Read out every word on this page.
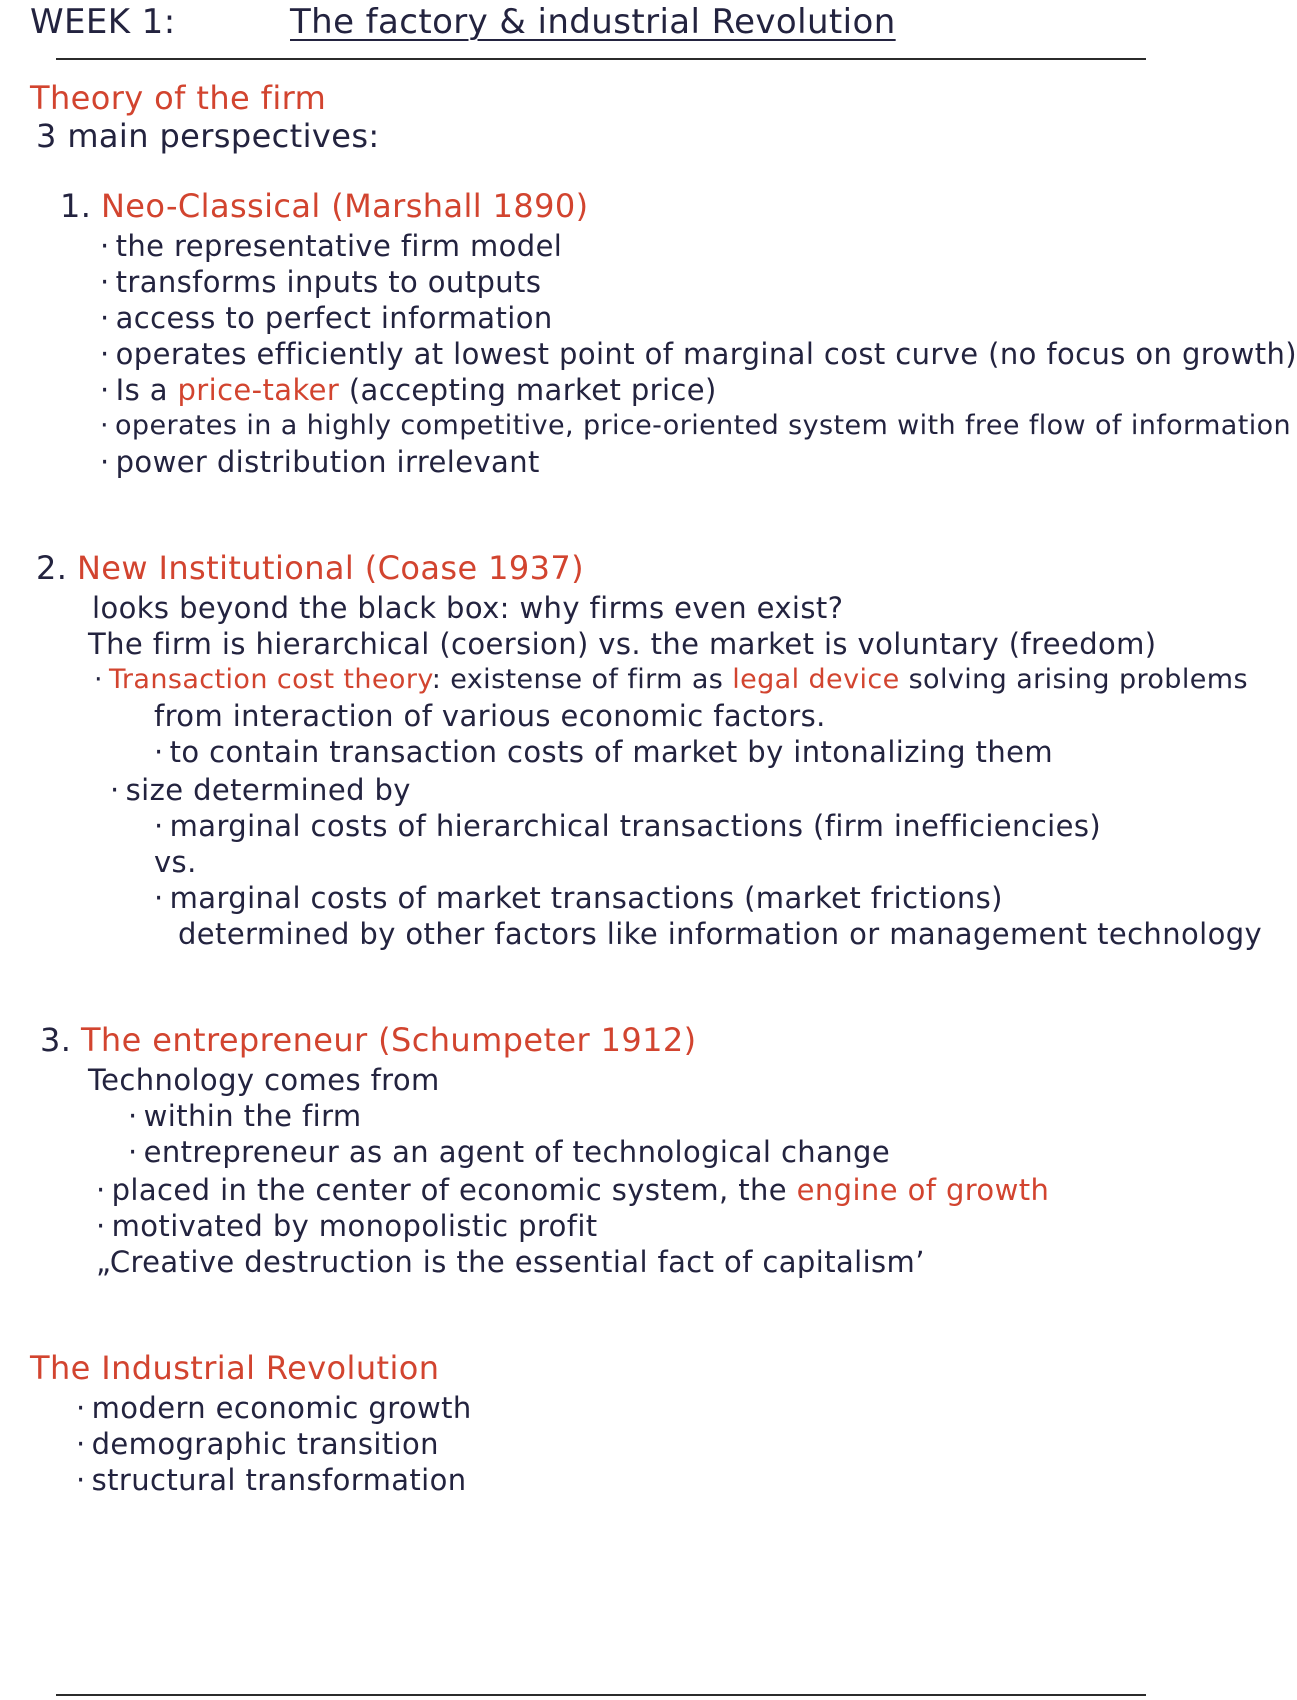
WEEK 1:	The factory & industrial Revolution
Theory of the firm
3 main perspectives:
1. Neo-Classical (Marshall 1890)
· the representative firm model
· transforms inputs to outputs
· access to perfect information
· operates efficiently at lowest point of marginal cost curve (no focus on growth)
· Is a price-taker (accepting market price)
· operates in a highly competitive, price-oriented system with free flow of information
· power distribution irrelevant
2. New Institutional (Coase 1937)
looks beyond the black box: why firms even exist?
The firm is hierarchical (coersion) vs. the market is voluntary (freedom)
· Transaction cost theory: existense of firm as legal device solving arising problems
from interaction of various economic factors.
· to contain transaction costs of market by intonalizing them
· size determined by
· marginal costs of hierarchical transactions (firm inefficiencies)
vs.
· marginal costs of market transactions (market frictions)
determined by other factors like information or management technology
3. The entrepreneur (Schumpeter 1912)
Technology comes from
· within the firm
· entrepreneur as an agent of technological change
· placed in the center of economic system, the engine of growth
· motivated by monopolistic profit
„Creative destruction is the essential fact of capitalism’
The Industrial Revolution
· modern economic growth
· demographic transition
· structural transformation
